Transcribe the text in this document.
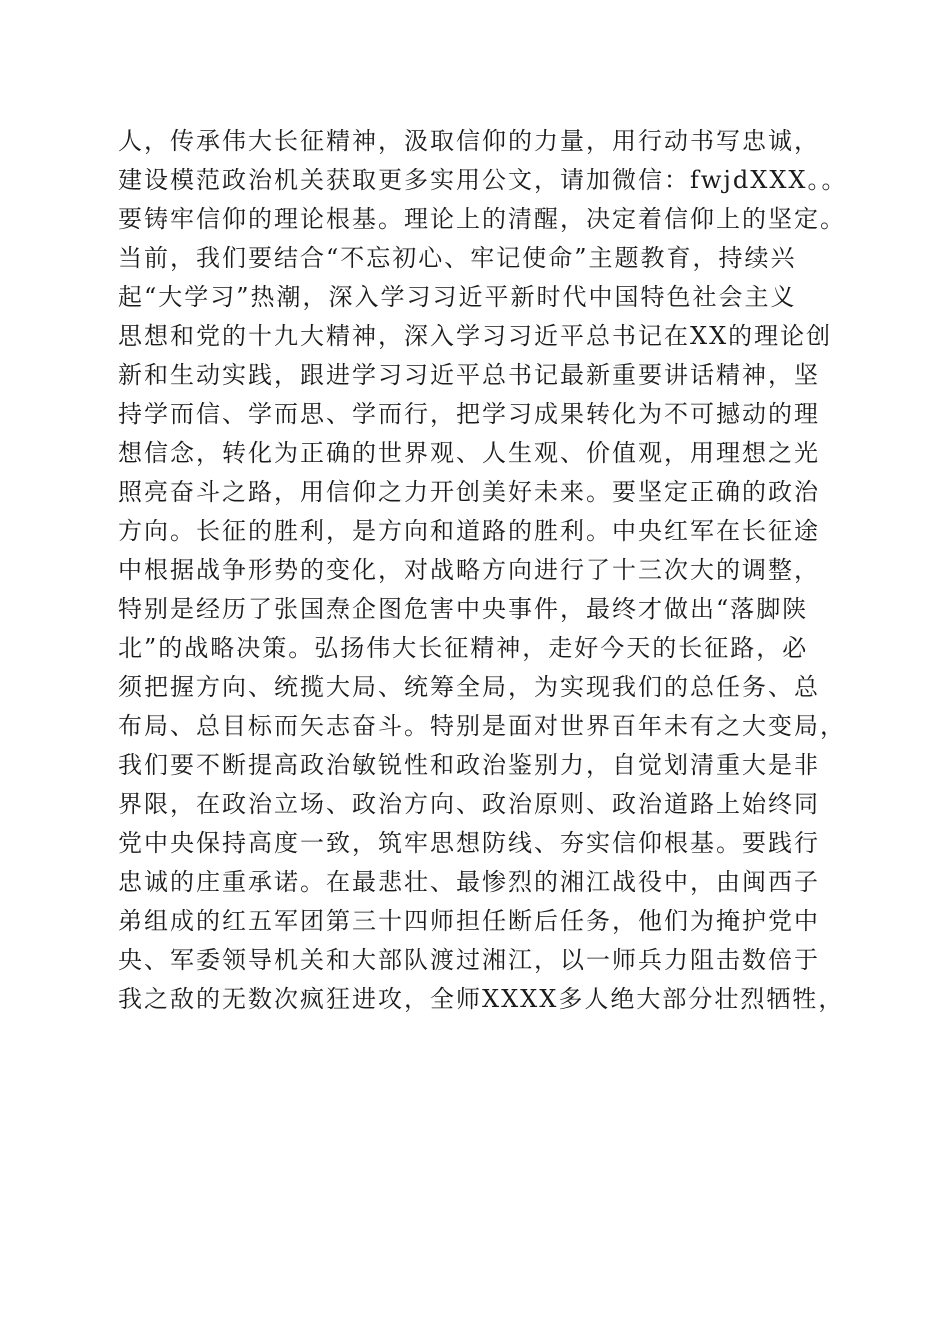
人，传承伟大长征精神，汲取信仰的力量，用行动书写忠诚，
建设模范政治机关获取更多实用公文，请加微信：fwjdXXX。。
要铸牢信仰的理论根基。理论上的清醒，决定着信仰上的坚定。
当前，我们要结合“不忘初心、牢记使命”主题教育，持续兴
起“大学习”热潮，深入学习习近平新时代中国特色社会主义
思想和党的十九大精神，深入学习习近平总书记在XX的理论创
新和生动实践，跟进学习习近平总书记最新重要讲话精神，坚
持学而信、学而思、学而行，把学习成果转化为不可撼动的理
想信念，转化为正确的世界观、人生观、价值观，用理想之光
照亮奋斗之路，用信仰之力开创美好未来。要坚定正确的政治
方向。长征的胜利，是方向和道路的胜利。中央红军在长征途
中根据战争形势的变化，对战略方向进行了十三次大的调整，
特别是经历了张国焘企图危害中央事件，最终才做出“落脚陕
北”的战略决策。弘扬伟大长征精神，走好今天的长征路，必
须把握方向、统揽大局、统筹全局，为实现我们的总任务、总
布局、总目标而矢志奋斗。特别是面对世界百年未有之大变局，
我们要不断提高政治敏锐性和政治鉴别力，自觉划清重大是非
界限，在政治立场、政治方向、政治原则、政治道路上始终同
党中央保持高度一致，筑牢思想防线、夯实信仰根基。要践行
忠诚的庄重承诺。在最悲壮、最惨烈的湘江战役中，由闽西子
弟组成的红五军团第三十四师担任断后任务，他们为掩护党中
央、军委领导机关和大部队渡过湘江，以一师兵力阻击数倍于
我之敌的无数次疯狂进攻，全师XXXX多人绝大部分壮烈牺牲，
